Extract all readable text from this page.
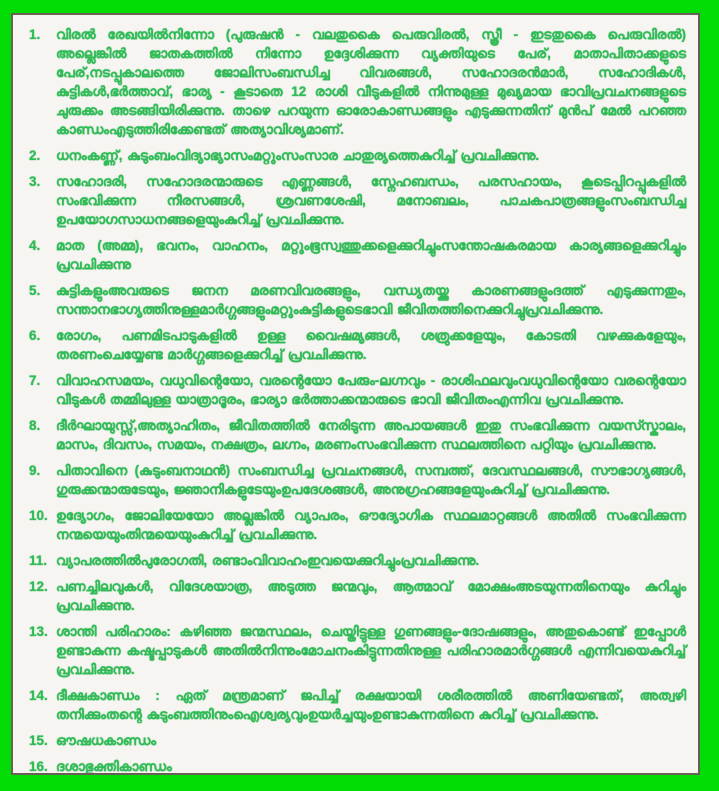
1.	വിരൽ രേഖയിൽനിന്നോ (പുരുഷൻ - വലതുകൈ പെരുവിരൽ, സ്ത്രീ - ഇടതുകൈ പെരുവിരൽ) അല്ലെങ്കിൽ ജാതകത്തിൽ നിന്നോ ഉദ്ദേശിക്കുന്ന വ്യക്തിയുടെ പേര്, മാതാപിതാക്കളുടെ പേര്,നടപ്പുകാലത്തെ ജോലിസംബന്ധിച്ച വിവരങ്ങൾ, സഹോദരൻമാർ, സഹോദികൾ, കുട്ടികൾ,ഭർത്താവ്, ഭാര്യ - കൂടാതെ 12 രാശി വീടുകളിൽ നിന്നുമുള്ള മുഖ്യമായ ഭാവിപ്രവചനങ്ങളുടെ ചുരുക്കം അടങ്ങിയിരിക്കുന്നു. താഴെ പറയുന്ന ഓരോകാണ്ഡങ്ങളും എടുക്കുന്നതിന് മുൻപ് മേൽ പറഞ്ഞ കാണ്ഡംഎടുത്തിരിക്കേണ്ടത് അത്യാവിശ്യമാണ്.
2.	ധനംകണ്ണ്, കുടുംബംവിദ്യാഭ്യാസംമറ്റുംസംസാര ചാതുര്യത്തെകുറിച്ച് പ്രവചിക്കുന്നു.
3.	സഹോദരി, സഹോദരന്മാരുടെ എണ്ണങ്ങൾ, സ്നേഹബന്ധം, പരസഹായം, കൂടെപ്പിറപ്പുകളിൽ സംഭവിക്കുന്ന നീരസങ്ങൾ, ശ്രവണശേഷി, മനോബലം, പാചകപാത്രങ്ങളുംസംബന്ധിച്ച ഉപയോഗസാധനങ്ങളെയുംകുറിച്ച് പ്രവചിക്കുന്നു.
4.	മാത (അമ്മ), ഭവനം, വാഹനം, മറ്റുംഭൂസ്വത്തുക്കളെക്കുറിച്ചുംസന്തോഷകരമായ കാര്യങ്ങളെക്കുറിച്ചും പ്രവചിക്കുന്നു
5.	കുട്ടികളുംഅവരുടെ ജനന മരണവിവരങ്ങളും, വന്ധ്യതയ്ക്കു കാരണങ്ങളുംദത്ത് എടുക്കുന്നതും, സന്താനഭാഗ്യത്തിനുള്ളമാർഗ്ഗങ്ങളുംമറ്റുംകുട്ടികളുടെഭാവി ജീവിതത്തിനെക്കുറിച്ചുപ്രവചിക്കുന്നു.
6.	രോഗം, പണമിടപാടുകളിൽ ഉള്ള വൈഷമ്യങ്ങൾ, ശത്രുക്കളേയും, കോടതി വഴക്കുകളേയും, തരണംചെയ്യേണ്ട മാർഗ്ഗങ്ങളെക്കുറിച്ച് പ്രവചിക്കുന്നു.
7.	വിവാഹസമയം, വധുവിന്റെയോ, വരന്റെയോ പേരും-ലഗ്നവും - രാശിഫലവുംവധുവിന്റെയോ വരന്റെയോ വീടുകൾ തമ്മിലുള്ള യാത്രാദൂരം, ഭാര്യാ ഭർത്താക്കന്മാരുടെ ഭാവി ജീവിതംഎന്നിവ പ്രവചിക്കുന്നു.
8.	ദീർഘായുസ്സ്,അത്യാഹിതം, ജീവിതത്തിൽ നേരിടുന്ന അപായങ്ങൾ ഇതു സംഭവിക്കുന്ന വയസ്സ്കാലം, മാസം, ദിവസം, സമയം, നക്ഷത്രം, ലഗ്നം, മരണംസംഭവിക്കുന്ന സ്ഥലത്തിനെ പറ്റിയും പ്രവചിക്കുന്നു.
9.	പിതാവിനെ (കുടുംബനാഥൻ) സംബന്ധിച്ച പ്രവചനങ്ങൾ, സമ്പത്ത്, ദേവസ്ഥലങ്ങൾ, സൗഭാഗ്യങ്ങൾ, ഗുരുക്കന്മാരുടേയും, ജ്ഞാനികളുടേയുംഉപദേശങ്ങൾ, അനുഗ്രഹങ്ങളേയുംകുറിച്ച് പ്രവചിക്കുന്നു.
10. ഉദ്യോഗം, ജോലിയേയോ അല്ലങ്കിൽ വ്യാപരം, ഔദ്യോഗിക സ്ഥലമാറ്റങ്ങൾ അതിൽ സംഭവിക്കുന്ന നന്മയെയുംതിന്മയെയുംകുറിച്ച് പ്രവചിക്കുന്നു.
11. വ്യാപരത്തിൽപുരോഗതി, രണ്ടാംവിവാഹംഇവയെക്കുറിച്ചുംപ്രവചിക്കുന്നു.
12. പണച്ചിലവുകൾ, വിദേശയാത്ര, അടുത്ത ജന്മവും, ആത്മാവ് മോക്ഷംഅടയുന്നതിനെയും കുറിച്ചും പ്രവചിക്കുന്നു.
13. ശാന്തി പരിഹാരം: കഴിഞ്ഞ ജന്മസ്ഥലം, ചെയ്തിട്ടുള്ള ഗുണങ്ങളും-ദോഷങ്ങളും, അതുകൊണ്ട് ഇപ്പോൾ ഉണ്ടാകുന്ന കഷ്ടപ്പാടുകൾ അതിൽനിന്നുംമോചനംകിട്ടുന്നതിനുള്ള പരിഹാരമാർഗ്ഗങ്ങൾ എന്നിവയെകുറിച്ച് പ്രവചിക്കുന്നു.
14. ദീക്ഷകാണ്ഡം : ഏത് മന്ത്രമാണ് ജപിച്ച് രക്ഷയായി ശരീരത്തിൽ അണിയേണ്ടത്, അത്വഴി തനിക്കുംതന്റെ കുടുംബത്തിനുംഐശ്വര്യവുംഉയർച്ചയുംഉണ്ടാകുന്നതിനെ കുറിച്ച് പ്രവചിക്കുന്നു.
15. ഔഷധകാണ്ഡം
16. ദശാഭുക്തികാണ്ഡം
